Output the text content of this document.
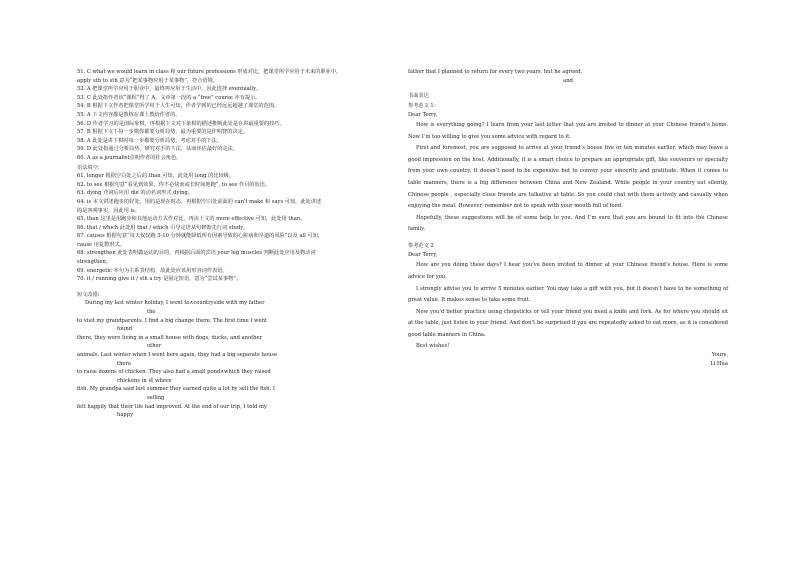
51. C what we would learn in class 和 our future professions 形成对比，把课堂所学应用于未来的职业中。
apply sth to sth 意为“把某事物应用于某事物”，符合语境。
52. A 把课堂所学应用于职业中，最终再应用于生活中，因此选择 eventually。
53. C 此处指作者该“课程”得了 A。文章第一段的 a “free” course 亦有提示。
54. B 根据下文作者把课堂所学用于人生可知，作者学到的已经远远超越了课堂的范围。
55. A 下文内容都是教练在课上教给作者的。
56. D 作者学习的是国际象棋，再根据下文对下象棋的描述推断此处是在讲最重要的技巧。
57. B 根据下文下每一步棋你都要分析局势，最为重要的是作明智的决定。
58. A 此处是讲下棋时每一步都要分析局势，考虑对手的下法。
59. D 此处指通过分析局势，研究对手的下法，从而评估最好的走法。
60. A as a journalist点明作者的社会角色。
语法填空:
61. longer 根据空白处之后的 than 可知，此处用 long 的比较级。
62. to see 根据句意“看见到效果，你不必快而或长时间地跑”, to see 作目的状语。
63. dying 介词后应用 die 的动名词形式 dying。
64. is 本文讲述跑步的好处，用的是现在时态，再根据空白处前面的 can't make 和 says 可知，此处讲述
的是客观事实，因此用 is。
65. than 这里是用跑步和其他运动方式作对比，再由上文的 more effective 可知，此处用 than。
66. that / which 此处用 that / which 引导定语从句修饰先行词 study。
67. causes 根据句意“每天仅仅跑 5-10 分钟就能降低所有因素导致的心脏病和早逝的风险”以及 all 可知，
cause 用复数形式。
68. strengthen 此处表明做运动的目的，再根据后面的宾语 your leg muscles 判断此处应用及物动词
strengthen。
69. energetic 本句为主系表结构，故此处应该用形容词作表语。
70. it / running give it / sth a try 是固定短语，意为“尝试某事物”。
短文改错:
During my last winter holiday, I went to∧countryside with my father
the
to visit my grandparents. I find a big change there. The first time I went
found
there, they were living in a small house with dogs, ducks, and another
other
animals. Last winter when I went here again, they had a big separate house
there
to raise dozens of chicken. They also had a small pond∧which they raised
chickens in 或 where
fish. My grandpa said last summer they earned quite a lot by sell the fish. I
selling
felt happily that their life had improved. At the end of our trip, I told my
happy
father that I planned to return for every two years, but he agreed.
and
书面表达
参考范文 1：
Dear Terry,
How is everything going? I learn from your last letter that you are invited to dinner at your Chinese friend’s home. Now I’m too willing to give you some advice with regard to it.
First and foremost, you are supposed to arrive at your friend’s house five or ten minutes earlier, which may leave a good impression on the host. Additionally, it is a smart choice to prepare an appropriate gift, like souvenirs or specialty from your own country. It doesn’t need to be expensive but to convey your sincerity and gratitude. When it comes to table manners, there is a big difference between China and New Zealand. While people in your country eat silently, Chinese people , especially close friends are talkative at table. So you could chat with them actively and casually when enjoying the meal. However, remember not to speak with your mouth full of food.
Hopefully, these suggestions will be of some help to you. And I’m sure that you are bound to fit into the Chinese family.
参考范文 2
Dear Terry,
How are you doing these days? I hear you’ve been invited to dinner at your Chinese friend’s house. Here is some advice for you.
I strongly advise you to arrive 5 minutes earlier. You may take a gift with you, but it doesn’t have to be something of great value. It makes sense to take some fruit.
Now you’d better practice using chopsticks or tell your friend you need a knife and fork. As for where you should sit at the table, just listen to your friend. And don’t be surprised if you are repeatedly asked to eat more, as it is considered good table manners in China.
Best wishes!
Yours,
Li Hua
